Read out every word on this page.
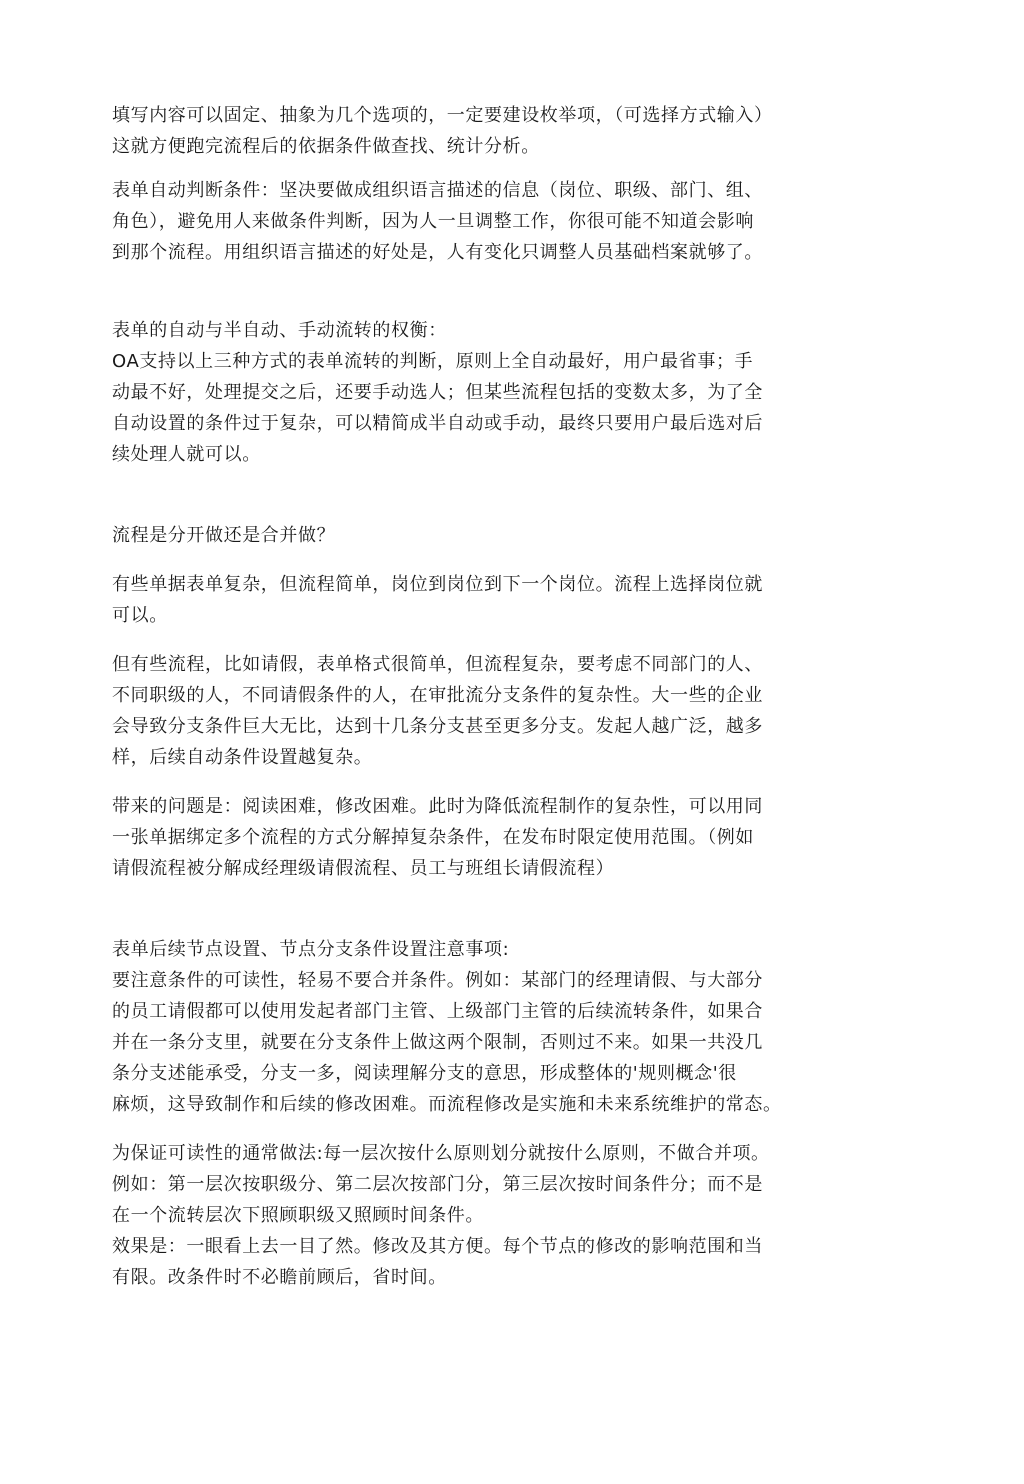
填写内容可以固定、抽象为几个选项的，一定要建设枚举项，（可选择方式输入）
这就方便跑完流程后的依据条件做查找、统计分析。

表单自动判断条件：坚决要做成组织语言描述的信息（岗位、职级、部门、组、
角色），避免用人来做条件判断，因为人一旦调整工作，你很可能不知道会影响
到那个流程。用组织语言描述的好处是，人有变化只调整人员基础档案就够了。

表单的自动与半自动、手动流转的权衡：
OA支持以上三种方式的表单流转的判断，原则上全自动最好，用户最省事；手
动最不好，处理提交之后，还要手动选人；但某些流程包括的变数太多，为了全
自动设置的条件过于复杂，可以精简成半自动或手动，最终只要用户最后选对后
续处理人就可以。

流程是分开做还是合并做？

有些单据表单复杂，但流程简单，岗位到岗位到下一个岗位。流程上选择岗位就
可以。

但有些流程，比如请假，表单格式很简单，但流程复杂，要考虑不同部门的人、
不同职级的人，不同请假条件的人，在审批流分支条件的复杂性。大一些的企业
会导致分支条件巨大无比，达到十几条分支甚至更多分支。发起人越广泛，越多
样，后续自动条件设置越复杂。

带来的问题是：阅读困难，修改困难。此时为降低流程制作的复杂性，可以用同
一张单据绑定多个流程的方式分解掉复杂条件，在发布时限定使用范围。（例如
请假流程被分解成经理级请假流程、员工与班组长请假流程）

表单后续节点设置、节点分支条件设置注意事项:
要注意条件的可读性，轻易不要合并条件。例如：某部门的经理请假、与大部分
的员工请假都可以使用发起者部门主管、上级部门主管的后续流转条件，如果合
并在一条分支里，就要在分支条件上做这两个限制，否则过不来。如果一共没几
条分支述能承受，分支一多，阅读理解分支的意思，形成整体的'规则概念'很
麻烦，这导致制作和后续的修改困难。而流程修改是实施和未来系统维护的常态。

为保证可读性的通常做法:每一层次按什么原则划分就按什么原则，不做合并项。
例如：第一层次按职级分、第二层次按部门分，第三层次按时间条件分；而不是
在一个流转层次下照顾职级又照顾时间条件。
效果是：一眼看上去一目了然。修改及其方便。每个节点的修改的影响范围和当
有限。改条件时不必瞻前顾后，省时间。
